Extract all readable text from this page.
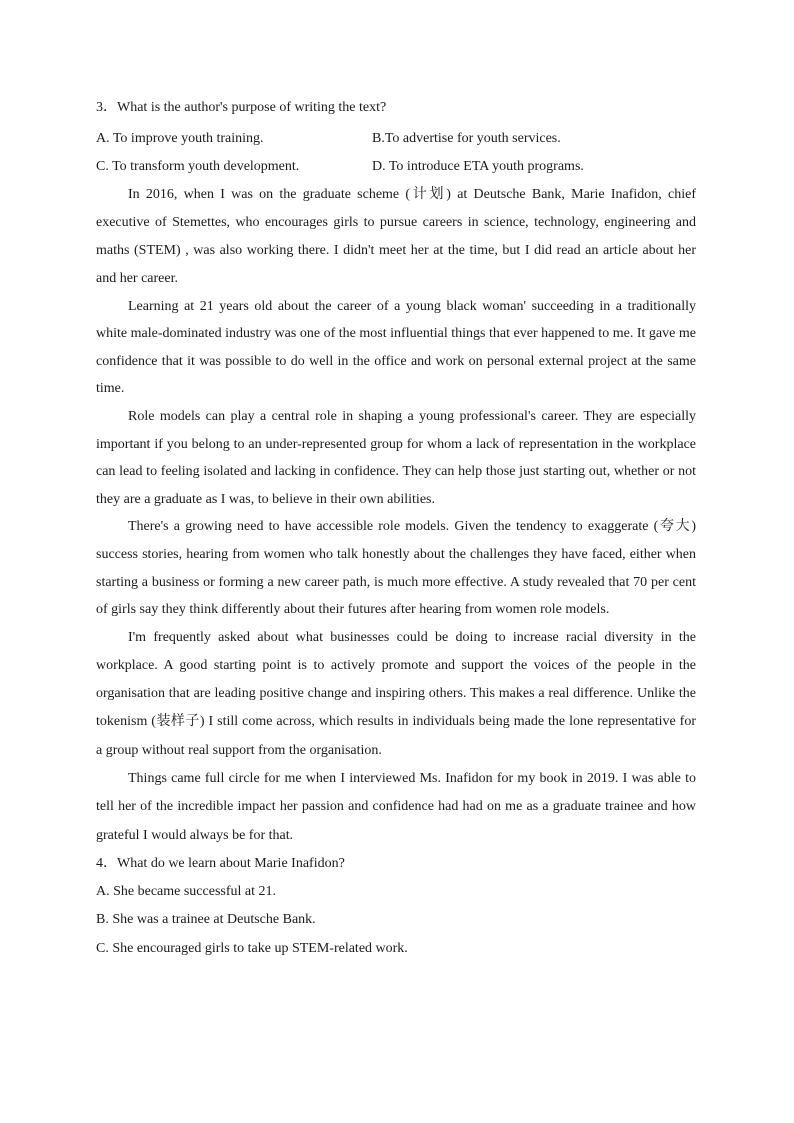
3．What is the author's purpose of writing the text?
A. To improve youth training.	B.To advertise for youth services.
C. To transform youth development.	D. To introduce ETA youth programs.

In 2016, when I was on the graduate scheme (计划) at Deutsche Bank, Marie Inafidon, chief executive of Stemettes, who encourages girls to pursue careers in science, technology, engineering and maths (STEM) , was also working there. I didn't meet her at the time, but I did read an article about her and her career.

Learning at 21 years old about the career of a young black woman' succeeding in a traditionally white male-dominated industry was one of the most influential things that ever happened to me. It gave me confidence that it was possible to do well in the office and work on personal external project at the same time.

Role models can play a central role in shaping a young professional's career. They are especially important if you belong to an under-represented group for whom a lack of representation in the workplace can lead to feeling isolated and lacking in confidence. They can help those just starting out, whether or not they are a graduate as I was, to believe in their own abilities.

There's a growing need to have accessible role models. Given the tendency to exaggerate (夸大) success stories, hearing from women who talk honestly about the challenges they have faced, either when starting a business or forming a new career path, is much more effective. A study revealed that 70 per cent of girls say they think differently about their futures after hearing from women role models.

I'm frequently asked about what businesses could be doing to increase racial diversity in the workplace. A good starting point is to actively promote and support the voices of the people in the organisation that are leading positive change and inspiring others. This makes a real difference. Unlike the tokenism (装样子) I still come across, which results in individuals being made the lone representative for a group without real support from the organisation.

Things came full circle for me when I interviewed Ms. Inafidon for my book in 2019. I was able to tell her of the incredible impact her passion and confidence had had on me as a graduate trainee and how grateful I would always be for that.

4．What do we learn about Marie Inafidon?
A. She became successful at 21.
B. She was a trainee at Deutsche Bank.
C. She encouraged girls to take up STEM-related work.
